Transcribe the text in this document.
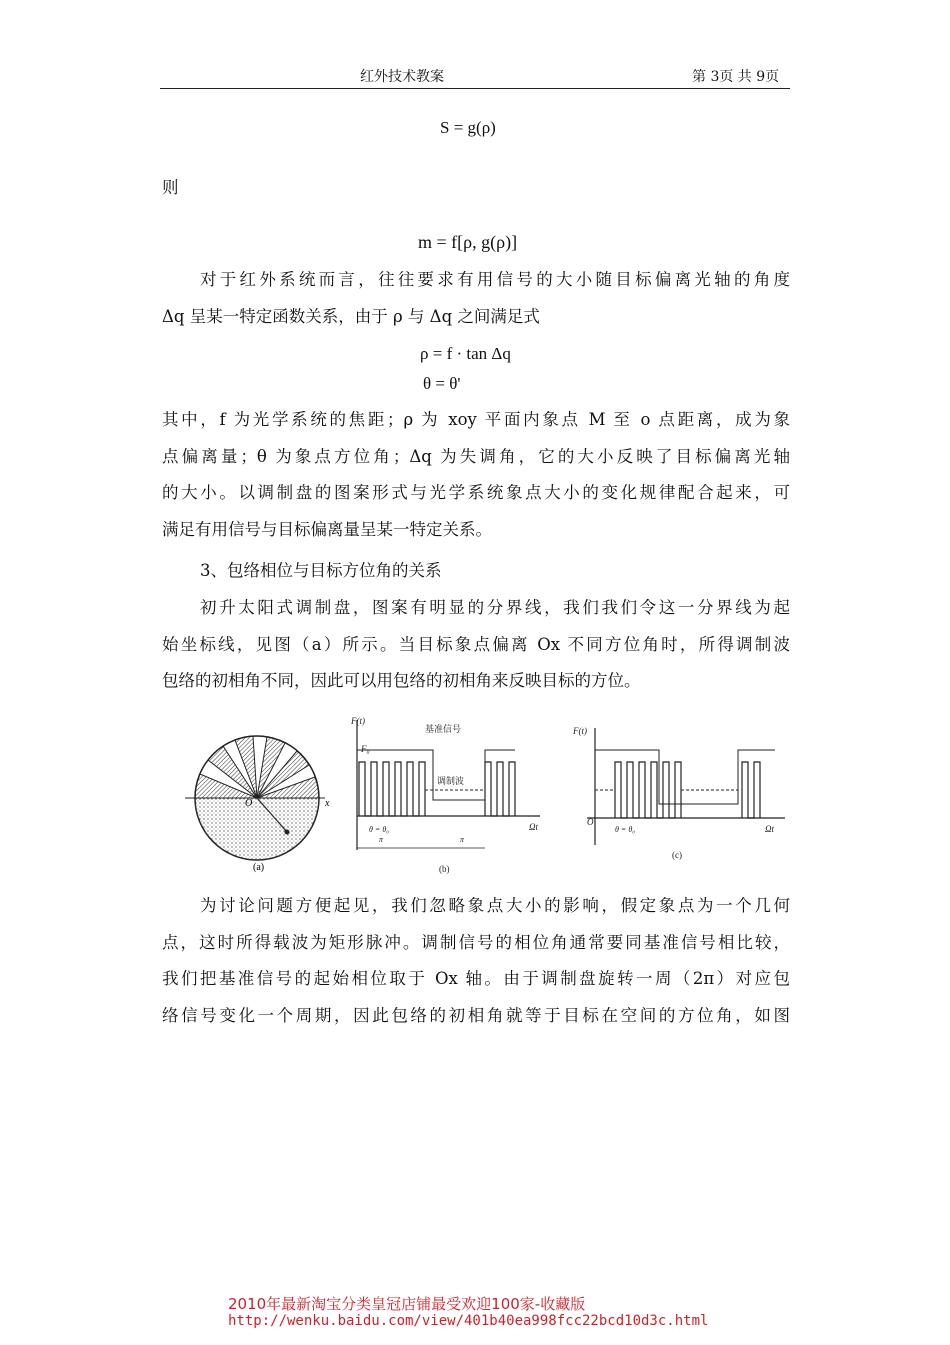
红外技术教案	第 3页 共 9页
S = g(ρ)
则
m = f[ρ, g(ρ)]
对于红外系统而言，往往要求有用信号的大小随目标偏离光轴的角度
Δq 呈某一特定函数关系，由于 ρ 与 Δq 之间满足式
ρ = f · tan Δq
θ = θ'
其中，f 为光学系统的焦距；ρ 为 xoy 平面内象点 M 至 o 点距离，成为象
点偏离量；θ 为象点方位角；Δq 为失调角，它的大小反映了目标偏离光轴
的大小。以调制盘的图案形式与光学系统象点大小的变化规律配合起来，可
满足有用信号与目标偏离量呈某一特定关系。
3、包络相位与目标方位角的关系
初升太阳式调制盘，图案有明显的分界线，我们我们令这一分界线为起
始坐标线，见图（a）所示。当目标象点偏离 Ox 不同方位角时，所得调制波
包络的初相角不同，因此可以用包络的初相角来反映目标的方位。
O	x
(a)
F(t)
F₀
基准信号
调制波
Ωt
θ = θ₀
π	π
(b)
F(t)
O
θ = θ₀	Ωt
(c)
为讨论问题方便起见，我们忽略象点大小的影响，假定象点为一个几何
点，这时所得载波为矩形脉冲。调制信号的相位角通常要同基准信号相比较，
我们把基准信号的起始相位取于 Ox 轴。由于调制盘旋转一周（2π）对应包
络信号变化一个周期，因此包络的初相角就等于目标在空间的方位角，如图
2010年最新淘宝分类皇冠店铺最受欢迎100家-收藏版
http://wenku.baidu.com/view/401b40ea998fcc22bcd10d3c.html
